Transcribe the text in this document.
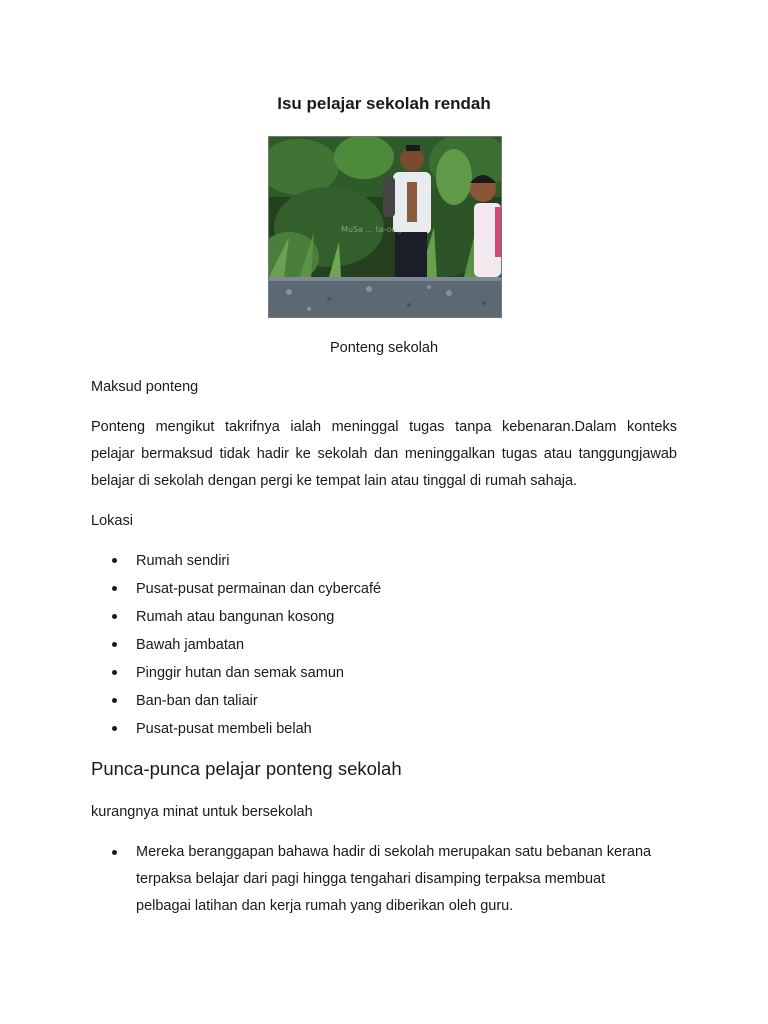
Isu pelajar sekolah rendah
MuSa ... ta-ong
Ponteng sekolah
Maksud ponteng
Ponteng mengikut takrifnya ialah meninggal tugas tanpa kebenaran.Dalam konteks
pelajar bermaksud tidak hadir ke sekolah dan meninggalkan tugas atau tanggungjawab
belajar di sekolah dengan pergi ke tempat lain atau tinggal di rumah sahaja.
Lokasi
Rumah sendiri
Pusat-pusat permainan dan cybercafé
Rumah atau bangunan kosong
Bawah jambatan
Pinggir hutan dan semak samun
Ban-ban dan taliair
Pusat-pusat membeli belah
Punca-punca pelajar ponteng sekolah
kurangnya minat untuk bersekolah
Mereka beranggapan bahawa hadir di sekolah merupakan satu bebanan kerana
terpaksa belajar dari pagi hingga tengahari disamping terpaksa membuat
pelbagai latihan dan kerja rumah yang diberikan oleh guru.
